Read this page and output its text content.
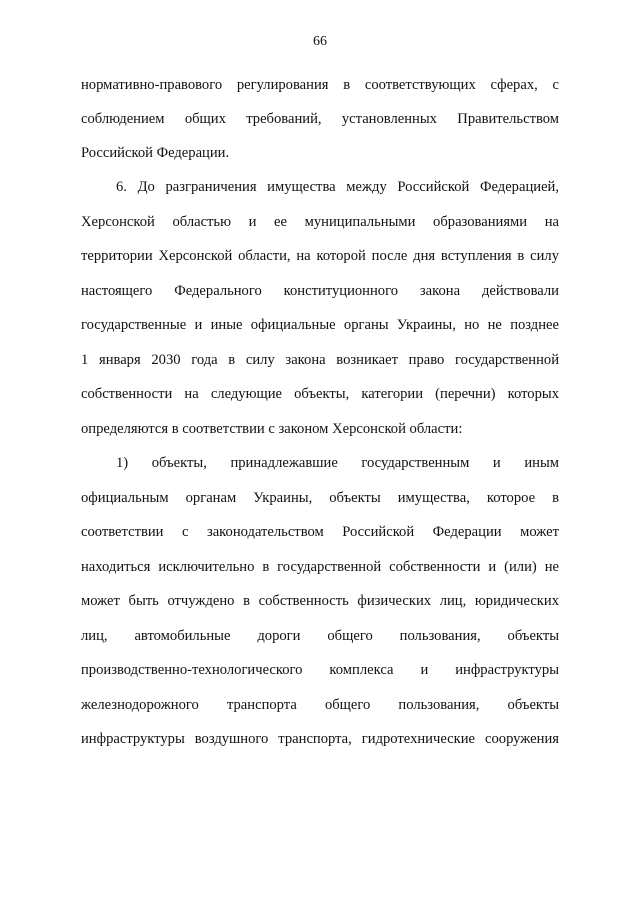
66
нормативно-правового регулирования в соответствующих сферах, с
соблюдением общих требований, установленных Правительством
Российской Федерации.
6. До разграничения имущества между Российской Федерацией,
Херсонской областью и ее муниципальными образованиями на
территории Херсонской области, на которой после дня вступления в силу
настоящего Федерального конституционного закона действовали
государственные и иные официальные органы Украины, но не позднее
1 января 2030 года в силу закона возникает право государственной
собственности на следующие объекты, категории (перечни) которых
определяются в соответствии с законом Херсонской области:
1) объекты, принадлежавшие государственным и иным
официальным органам Украины, объекты имущества, которое в
соответствии с законодательством Российской Федерации может
находиться исключительно в государственной собственности и (или) не
может быть отчуждено в собственность физических лиц, юридических
лиц, автомобильные дороги общего пользования, объекты
производственно-технологического комплекса и инфраструктуры
железнодорожного транспорта общего пользования, объекты
инфраструктуры воздушного транспорта, гидротехнические сооружения
